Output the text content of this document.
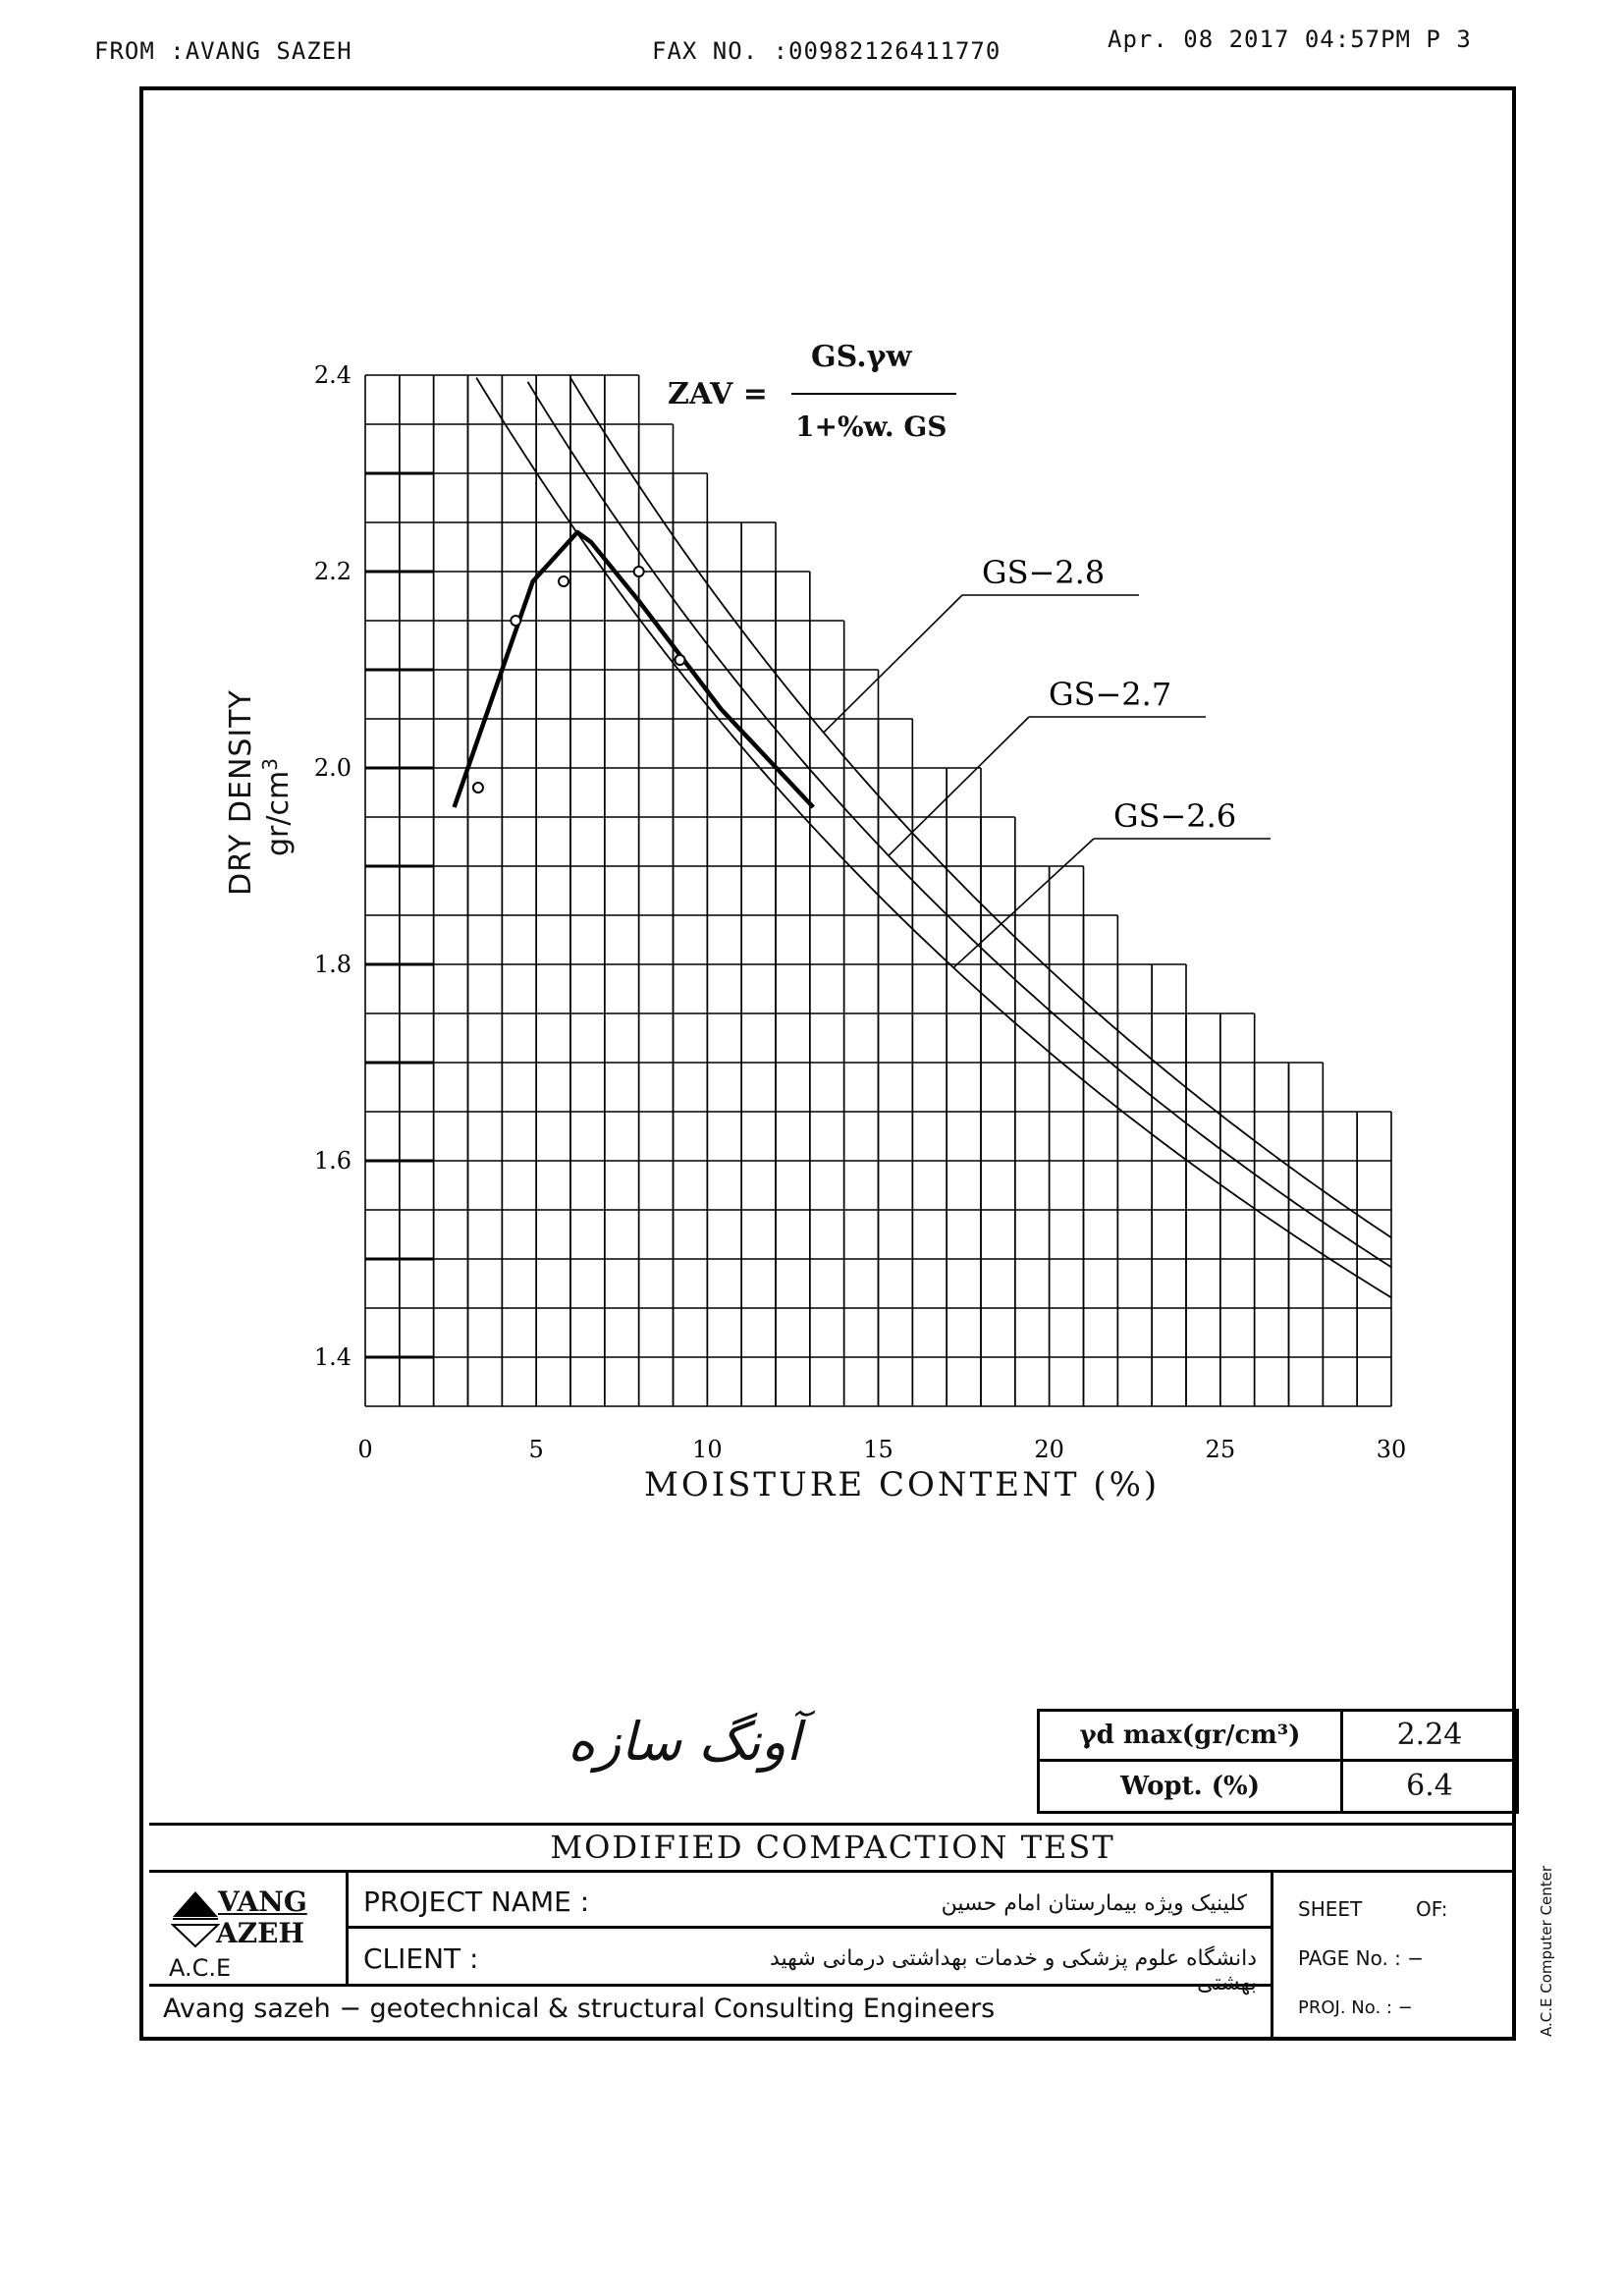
FROM :AVANG SAZEH	FAX NO. :00982126411770	Apr. 08 2017 04:57PM P 3
1.4
1.6
1.8
2.0
2.2
2.4
0	5	10	15	20	25	30
GS−2.8
GS−2.7
GS−2.6
MOISTURE CONTENT (%)
DRY DENSITY $gr/cm^3$
ZAV =
GS.γw
1+%w. GS
آونگ سازه	γd max(gr/cm³)	2.24
Wopt. (%)	6.4
MODIFIED COMPACTION TEST
VANG
AZEH
A.C.E
PROJECT NAME :	کلینیک ویژه بیمارستان امام حسین
CLIENT :	دانشگاه علوم پزشکی و خدمات بهداشتی درمانی شهید بهشتی
Avang sazeh − geotechnical & structural Consulting Engineers
SHEET	OF:
PAGE No. : −
PROJ. No. : −	A.C.E Computer Center
